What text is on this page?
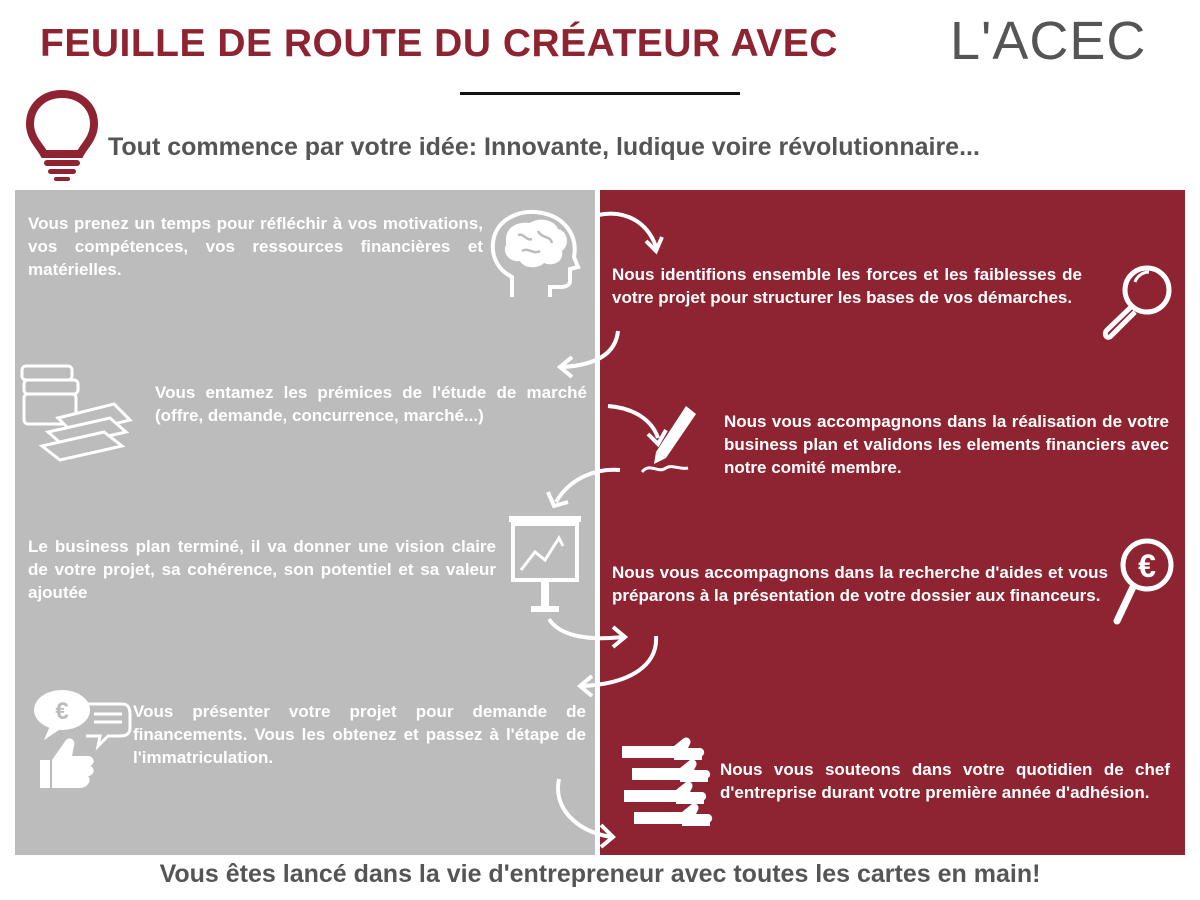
FEUILLE DE ROUTE DU CRÉATEUR AVEC L'ACEC
Tout commence par votre idée: Innovante, ludique voire révolutionnaire...
Vous prenez un temps pour réfléchir à vos motivations, vos compétences, vos ressources financières et matérielles.	Nous identifions ensemble les forces et les faiblesses de votre projet pour structurer les bases de vos démarches.
Vous entamez les prémices de l'étude de marché (offre, demande, concurrence, marché...)	Nous vous accompagnons dans la réalisation de votre business plan et validons les elements financiers avec notre comité membre.
Le business plan terminé, il va donner une vision claire de votre projet, sa cohérence, son potentiel et sa valeur ajoutée
Nous vous accompagnons dans la recherche d'aides et vous préparons à la présentation de votre dossier aux financeurs.
€
€	Vous présenter votre projet pour demande de financements. Vous les obtenez et passez à l'étape de l'immatriculation.
Nous vous souteons dans votre quotidien de chef d'entreprise durant votre première année d'adhésion.
Vous êtes lancé dans la vie d'entrepreneur avec toutes les cartes en main!
